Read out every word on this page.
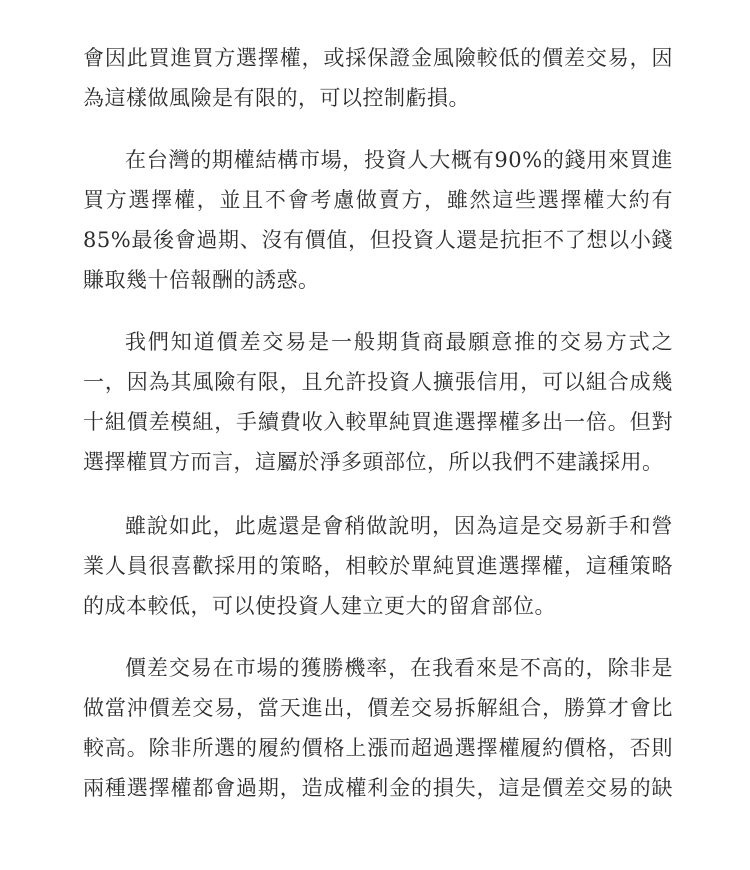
會因此買進買方選擇權，或採保證金風險較低的價差交易，因
為這樣做風險是有限的，可以控制虧損。
在台灣的期權結構市場，投資人大概有90%的錢用來買進
買方選擇權，並且不會考慮做賣方，雖然這些選擇權大約有
85%最後會過期、沒有價值，但投資人還是抗拒不了想以小錢
賺取幾十倍報酬的誘惑。
我們知道價差交易是一般期貨商最願意推的交易方式之
一，因為其風險有限，且允許投資人擴張信用，可以組合成幾
十組價差模組，手續費收入較單純買進選擇權多出一倍。但對
選擇權買方而言，這屬於淨多頭部位，所以我們不建議採用。
雖說如此，此處還是會稍做說明，因為這是交易新手和營
業人員很喜歡採用的策略，相較於單純買進選擇權，這種策略
的成本較低，可以使投資人建立更大的留倉部位。
價差交易在市場的獲勝機率，在我看來是不高的，除非是
做當沖價差交易，當天進出，價差交易拆解組合，勝算才會比
較高。除非所選的履約價格上漲而超過選擇權履約價格，否則
兩種選擇權都會過期，造成權利金的損失，這是價差交易的缺
